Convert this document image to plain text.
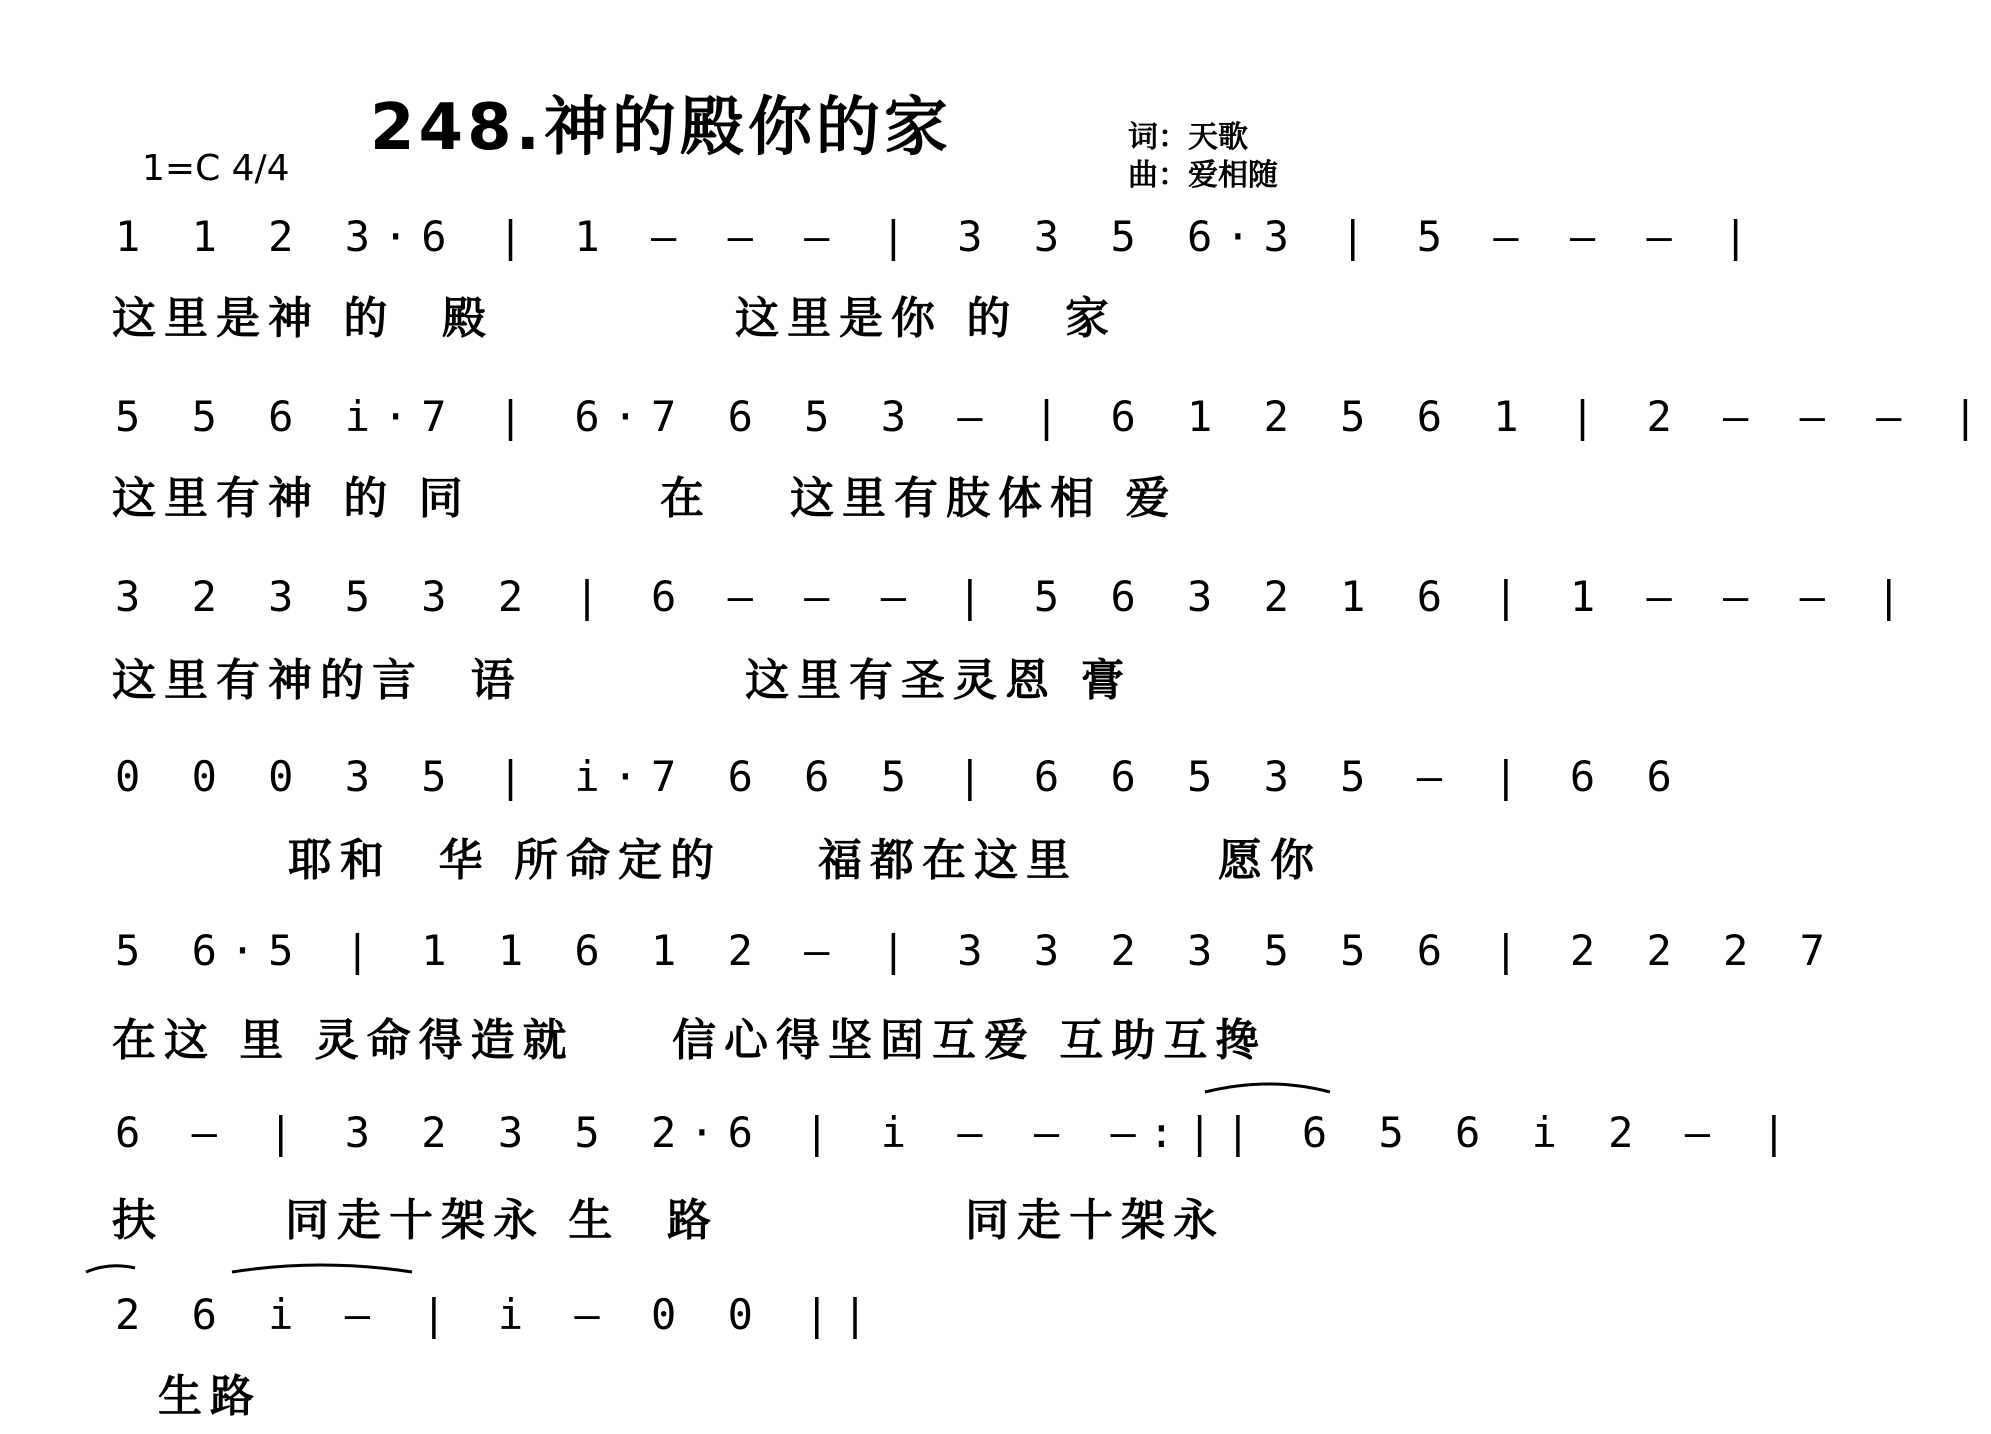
248.神的殿你的家	词：天歌
曲：爱相随
1=C 4/4
1 1 2 3·6 | 1 – – – | 3 3 5 6·3 | 5 – – – |
这里是神 的  殿	这里是你 的  家
5 5 6 i·7 | 6·7 6 5 3 – | 6 1 2 5 6 1 | 2 – – – |
这里有神 的 同	在 这里有肢体相 爱
3 2 3 5 3 2 | 6 – – – | 5 6 3 2 1 6 | 1 – – – |
这里有神的言  语	这里有圣灵恩 膏
0 0 0 3 5 | i·7 6 6 5 | 6 6 5 3 5 – | 6 6
耶和  华 所命定的 福都在这里	愿你
5 6·5 | 1 1 6 1 2 – | 3 3 2 3 5 5 6 | 2 2 2 7
在这 里 灵命得造就 信心得坚固互爱 互助互搀
6 – | 3 2 3 5 2·6 | i – – –:|| 6 5 6 i 2 – |
扶	同走十架永 生  路	同走十架永
2 6 i – | i – 0 0 ||
生路
